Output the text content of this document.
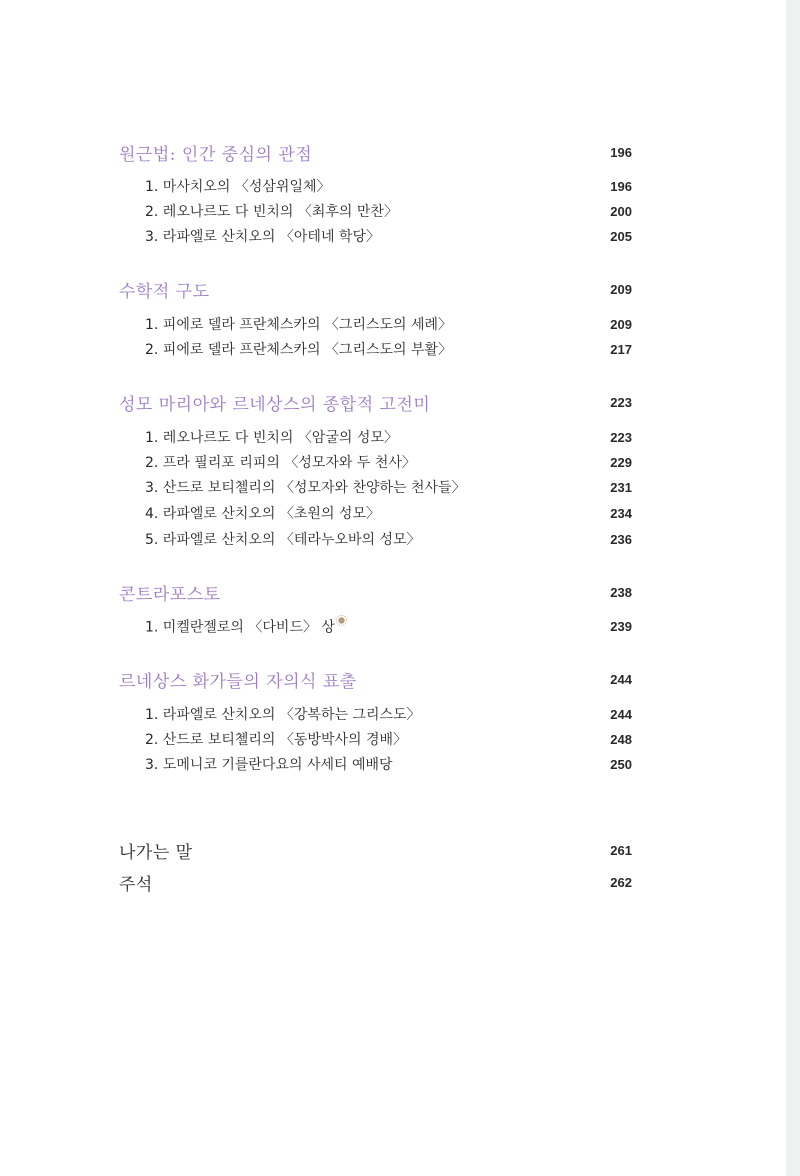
원근법: 인간 중심의 관점	196
1. 마사치오의 〈성삼위일체〉	196
2. 레오나르도 다 빈치의 〈최후의 만찬〉	200
3. 라파엘로 산치오의 〈아테네 학당〉	205
수학적 구도	209
1. 피에로 델라 프란체스카의 〈그리스도의 세례〉	209
2. 피에로 델라 프란체스카의 〈그리스도의 부활〉	217
성모 마리아와 르네상스의 종합적 고전미	223
1. 레오나르도 다 빈치의 〈암굴의 성모〉	223
2. 프라 필리포 리피의 〈성모자와 두 천사〉	229
3. 산드로 보티첼리의 〈성모자와 찬양하는 천사들〉	231
4. 라파엘로 산치오의 〈초원의 성모〉	234
5. 라파엘로 산치오의 〈테라누오바의 성모〉	236
콘트라포스토	238
1. 미켈란젤로의 〈다비드〉 상	239
르네상스 화가들의 자의식 표출	244
1. 라파엘로 산치오의 〈강복하는 그리스도〉	244
2. 산드로 보티첼리의 〈동방박사의 경배〉	248
3. 도메니코 기를란다요의 사세티 예배당	250
나가는 말	261
주석	262
